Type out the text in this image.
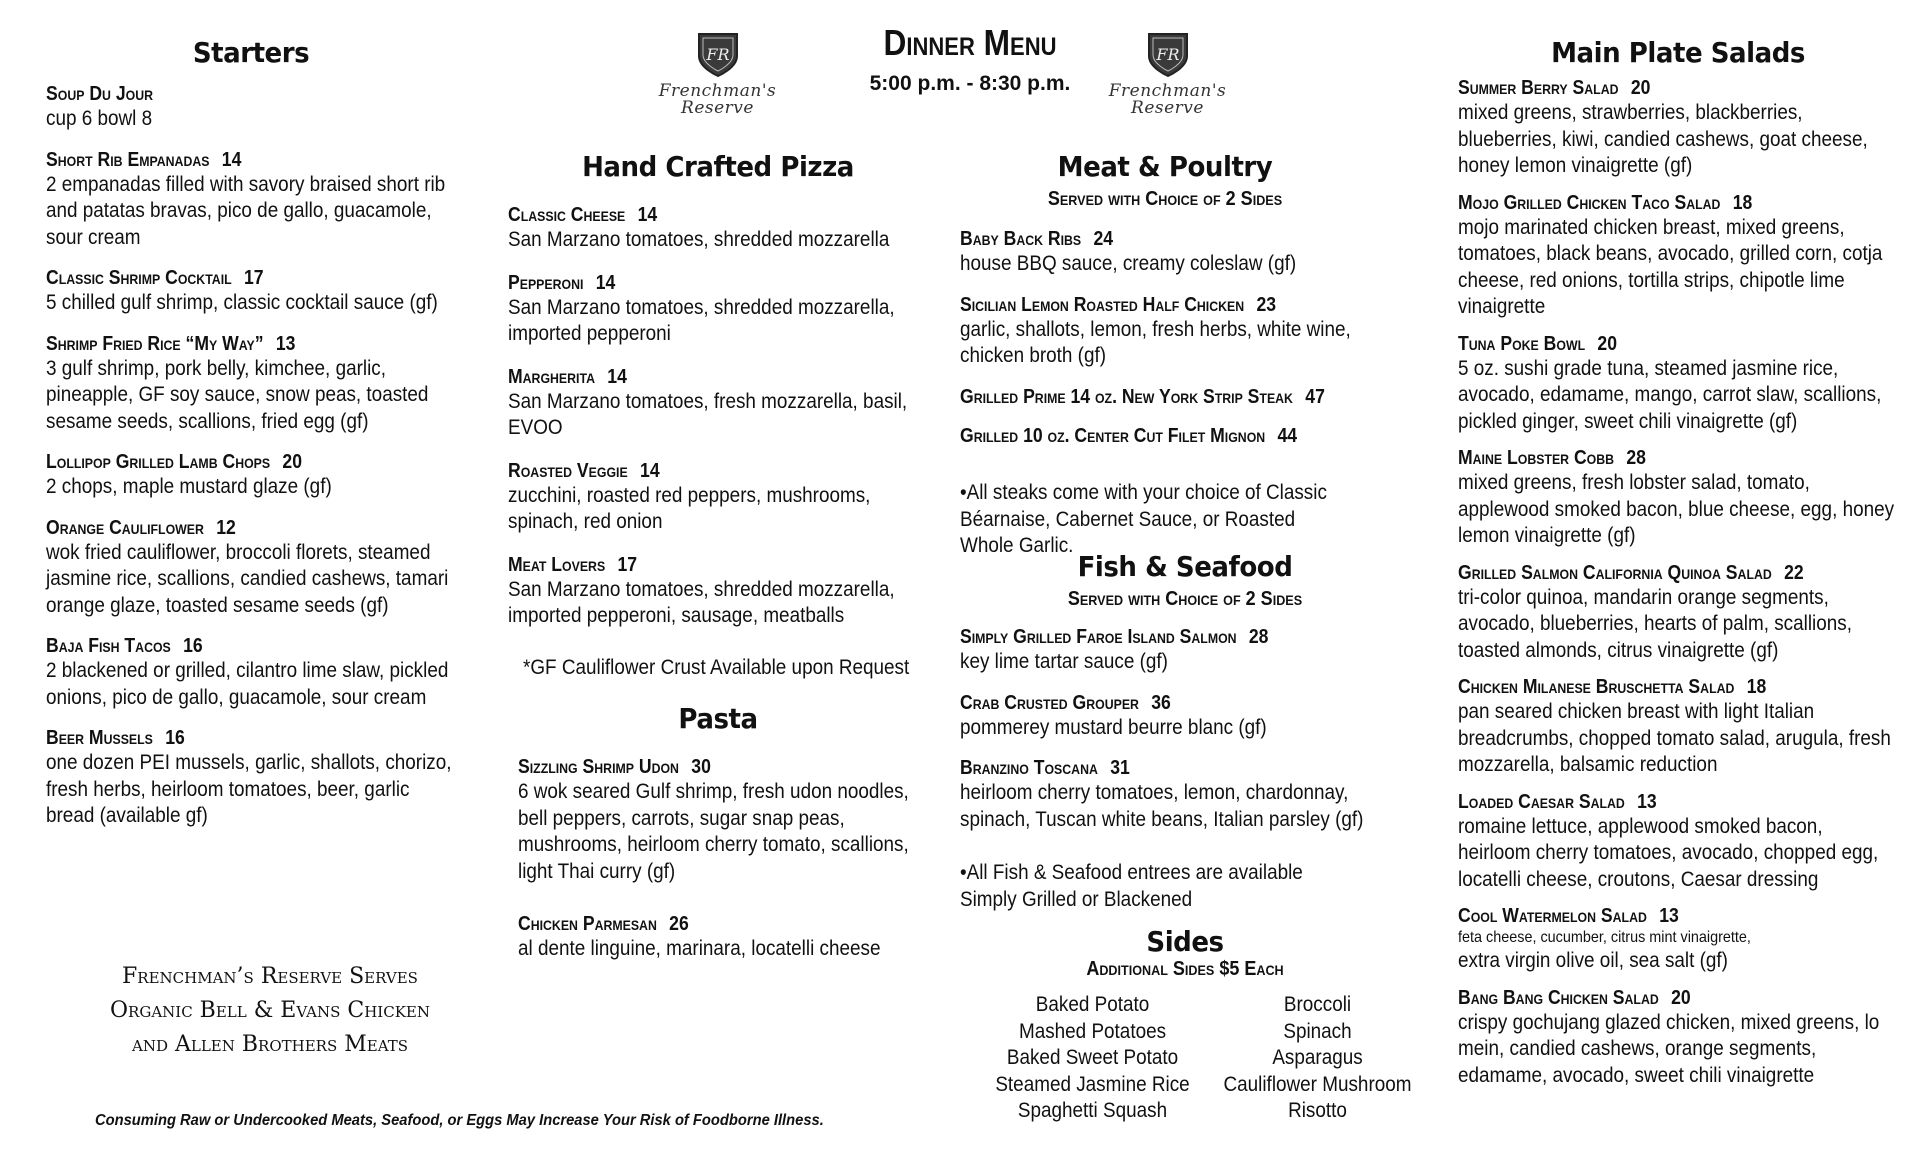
FR
Frenchman's
Reserve
FR
Frenchman's
Reserve
Dinner Menu
5:00 p.m. - 8:30 p.m.
Starters
Soup Du Jour
cup 6 bowl 8
Short Rib Empanadas 14
2 empanadas filled with savory braised short rib and patatas bravas, pico de gallo, guacamole, sour cream
Classic Shrimp Cocktail 17
5 chilled gulf shrimp, classic cocktail sauce (gf)
Shrimp Fried Rice “My Way” 13
3 gulf shrimp, pork belly, kimchee, garlic, pineapple, GF soy sauce, snow peas, toasted sesame seeds, scallions, fried egg (gf)
Lollipop Grilled Lamb Chops 20
2 chops, maple mustard glaze (gf)
Orange Cauliflower 12
wok fried cauliflower, broccoli florets, steamed jasmine rice, scallions, candied cashews, tamari orange glaze, toasted sesame seeds (gf)
Baja Fish Tacos 16
2 blackened or grilled, cilantro lime slaw, pickled onions, pico de gallo, guacamole, sour cream
Beer Mussels 16
one dozen PEI mussels, garlic, shallots, chorizo, fresh herbs, heirloom tomatoes, beer, garlic bread (available gf)
Frenchman’s Reserve Serves Organic Bell & Evans Chicken and Allen Brothers Meats
Consuming Raw or Undercooked Meats, Seafood, or Eggs May Increase Your Risk of Foodborne Illness.
Hand Crafted Pizza
Classic Cheese 14
San Marzano tomatoes, shredded mozzarella
Pepperoni 14
San Marzano tomatoes, shredded mozzarella, imported pepperoni
Margherita 14
San Marzano tomatoes, fresh mozzarella, basil, EVOO
Roasted Veggie 14
zucchini, roasted red peppers, mushrooms, spinach, red onion
Meat Lovers 17
San Marzano tomatoes, shredded mozzarella, imported pepperoni, sausage, meatballs
*GF Cauliflower Crust Available upon Request
Pasta
Sizzling Shrimp Udon 30
6 wok seared Gulf shrimp, fresh udon noodles, bell peppers, carrots, sugar snap peas, mushrooms, heirloom cherry tomato, scallions, light Thai curry (gf)
Chicken Parmesan 26
al dente linguine, marinara, locatelli cheese
Meat & Poultry
Served with Choice of 2 Sides
Baby Back Ribs 24
house BBQ sauce, creamy coleslaw (gf)
Sicilian Lemon Roasted Half Chicken 23
garlic, shallots, lemon, fresh herbs, white wine, chicken broth (gf)
Grilled Prime 14 oz. New York Strip Steak 47
Grilled 10 oz. Center Cut Filet Mignon 44
•All steaks come with your choice of Classic Béarnaise, Cabernet Sauce, or Roasted Whole Garlic.
Fish & Seafood
Served with Choice of 2 Sides
Simply Grilled Faroe Island Salmon 28
key lime tartar sauce (gf)
Crab Crusted Grouper 36
pommerey mustard beurre blanc (gf)
Branzino Toscana 31
heirloom cherry tomatoes, lemon, chardonnay, spinach, Tuscan white beans, Italian parsley (gf)
•All Fish & Seafood entrees are available Simply Grilled or Blackened
Sides
Additional Sides $5 Each
Baked Potato
Mashed Potatoes
Baked Sweet Potato
Steamed Jasmine Rice
Spaghetti Squash
Broccoli
Spinach
Asparagus
Cauliflower Mushroom
Risotto
Main Plate Salads
Summer Berry Salad 20
mixed greens, strawberries, blackberries, blueberries, kiwi, candied cashews, goat cheese, honey lemon vinaigrette (gf)
Mojo Grilled Chicken Taco Salad 18
mojo marinated chicken breast, mixed greens, tomatoes, black beans, avocado, grilled corn, cotja cheese, red onions, tortilla strips, chipotle lime vinaigrette
Tuna Poke Bowl 20
5 oz. sushi grade tuna, steamed jasmine rice, avocado, edamame, mango, carrot slaw, scallions, pickled ginger, sweet chili vinaigrette (gf)
Maine Lobster Cobb 28
mixed greens, fresh lobster salad, tomato, applewood smoked bacon, blue cheese, egg, honey lemon vinaigrette (gf)
Grilled Salmon California Quinoa Salad 22
tri-color quinoa, mandarin orange segments, avocado, blueberries, hearts of palm, scallions, toasted almonds, citrus vinaigrette (gf)
Chicken Milanese Bruschetta Salad 18
pan seared chicken breast with light Italian breadcrumbs, chopped tomato salad, arugula, fresh mozzarella, balsamic reduction
Loaded Caesar Salad 13
romaine lettuce, applewood smoked bacon, heirloom cherry tomatoes, avocado, chopped egg, locatelli cheese, croutons, Caesar dressing
Cool Watermelon Salad 13
feta cheese, cucumber, citrus mint vinaigrette,
extra virgin olive oil, sea salt (gf)
Bang Bang Chicken Salad 20
crispy gochujang glazed chicken, mixed greens, lo mein, candied cashews, orange segments, edamame, avocado, sweet chili vinaigrette
